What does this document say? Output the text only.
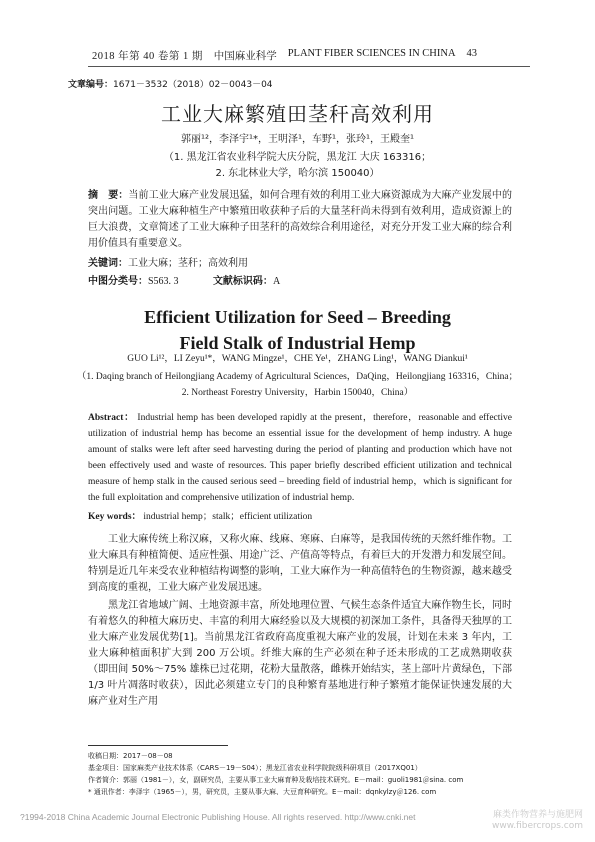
2018 年第 40 卷第 1 期 中国麻业科学 PLANT FIBER SCIENCES IN CHINA 43
文章编号：1671－3532（2018）02－0043－04
工业大麻繁殖田茎秆高效利用
郭丽¹²，李泽宇¹*，王明泽¹，车野¹，张玲¹，王殿奎¹
（1. 黑龙江省农业科学院大庆分院，黑龙江 大庆 163316；
2. 东北林业大学，哈尔滨 150040）
摘　要：当前工业大麻产业发展迅猛，如何合理有效的利用工业大麻资源成为大麻产业发展中的突出问题。工业大麻种植生产中繁殖田收获种子后的大量茎秆尚未得到有效利用，造成资源上的巨大浪费，文章简述了工业大麻种子田茎秆的高效综合利用途径，对充分开发工业大麻的综合利用价值具有重要意义。
关键词：工业大麻；茎秆；高效利用
中图分类号：S563. 3	文献标识码：A
Efficient Utilization for Seed – Breeding
Field Stalk of Industrial Hemp
GUO Li¹²，LI Zeyu¹*，WANG Mingze¹，CHE Ye¹，ZHANG Ling¹，WANG Diankui¹
（1. Daqing branch of Heilongjiang Academy of Agricultural Sciences，DaQing，Heilongjiang 163316，China；
2. Northeast Forestry University，Harbin 150040，China）
Abstract： Industrial hemp has been developed rapidly at the present，therefore，reasonable and effective utilization of industrial hemp has become an essential issue for the development of hemp industry. A huge amount of stalks were left after seed harvesting during the period of planting and production which have not been effectively used and waste of resources. This paper briefly described efficient utilization and technical measure of hemp stalk in the caused serious seed – breeding field of industrial hemp，which is significant for the full exploitation and comprehensive utilization of industrial hemp.
Key words： industrial hemp；stalk；efficient utilization
工业大麻传统上称汉麻，又称火麻、线麻、寒麻、白麻等，是我国传统的天然纤维作物。工业大麻具有种植简便、适应性强、用途广泛、产值高等特点，有着巨大的开发潜力和发展空间。特别是近几年来受农业种植结构调整的影响，工业大麻作为一种高值特色的生物资源，越来越受到高度的重视，工业大麻产业发展迅速。
黑龙江省地域广阔、土地资源丰富，所处地理位置、气候生态条件适宜大麻作物生长，同时有着悠久的种植大麻历史、丰富的利用大麻经验以及大规模的初深加工条件，具备得天独厚的工业大麻产业发展优势[1]。当前黑龙江省政府高度重视大麻产业的发展，计划在未来 3 年内，工业大麻种植面积扩大到 200 万公顷。纤维大麻的生产必须在种子还未形成的工艺成熟期收获（即田间 50%～75% 雄株已过花期，花粉大量散落，雌株开始结实，茎上部叶片黄绿色，下部 1/3 叶片凋落时收获），因此必须建立专门的良种繁育基地进行种子繁殖才能保证快速发展的大麻产业对生产用
收稿日期：2017－08－08
基金项目：国家麻类产业技术体系（CARS－19－S04）；黑龙江省农业科学院院级科研项目（2017XQ01）
作者简介：郭丽（1981－），女，副研究员，主要从事工业大麻育种及栽培技术研究。E－mail：guoli1981＠sina. com
* 通讯作者：李泽宇（1965－），男，研究员，主要从事大麻、大豆育种研究。E－mail：dqnkylzy＠126. com
?1994-2018 China Academic Journal Electronic Publishing House. All rights reserved. http://www.cnki.net	麻类作物营养与施肥网
www.fibercrops.com
